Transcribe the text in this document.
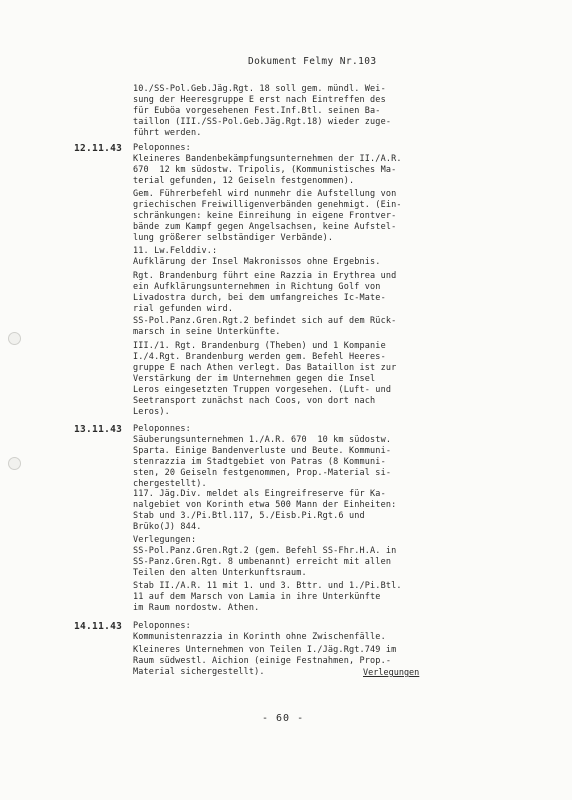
Dokument Felmy Nr.103
10./SS-Pol.Geb.Jäg.Rgt. 18 soll gem. mündl. Wei-
sung der Heeresgruppe E erst nach Eintreffen des
für Euböa vorgesehenen Fest.Inf.Btl. seinen Ba-
taillon (III./SS-Pol.Geb.Jäg.Rgt.18) wieder zuge-
führt werden.
12.11.43 Peloponnes:
Kleineres Bandenbekämpfungsunternehmen der II./A.R.
670  12 km südostw. Tripolis, (Kommunistisches Ma-
terial gefunden, 12 Geiseln festgenommen).
Gem. Führerbefehl wird nunmehr die Aufstellung von
griechischen Freiwilligenverbänden genehmigt. (Ein-
schränkungen: keine Einreihung in eigene Frontver-
bände zum Kampf gegen Angelsachsen, keine Aufstel-
lung größerer selbständiger Verbände).
11. Lw.Felddiv.:
Aufklärung der Insel Makronissos ohne Ergebnis.
Rgt. Brandenburg führt eine Razzia in Erythrea und
ein Aufklärungsunternehmen in Richtung Golf von
Livadostra durch, bei dem umfangreiches Ic-Mate-
rial gefunden wird.
SS-Pol.Panz.Gren.Rgt.2 befindet sich auf dem Rück-
marsch in seine Unterkünfte.
III./1. Rgt. Brandenburg (Theben) und 1 Kompanie
I./4.Rgt. Brandenburg werden gem. Befehl Heeres-
gruppe E nach Athen verlegt. Das Bataillon ist zur
Verstärkung der im Unternehmen gegen die Insel
Leros eingesetzten Truppen vorgesehen. (Luft- und
Seetransport zunächst nach Coos, von dort nach
Leros).
13.11.43 Peloponnes:
Säuberungsunternehmen 1./A.R. 670  10 km südostw.
Sparta. Einige Bandenverluste und Beute. Kommuni-
stenrazzia im Stadtgebiet von Patras (8 Kommuni-
sten, 20 Geiseln festgenommen, Prop.-Material si-
chergestellt).
117. Jäg.Div. meldet als Eingreifreserve für Ka-
nalgebiet von Korinth etwa 500 Mann der Einheiten:
Stab und 3./Pi.Btl.117, 5./Eisb.Pi.Rgt.6 und
Brüko(J) 844.
Verlegungen:
SS-Pol.Panz.Gren.Rgt.2 (gem. Befehl SS-Fhr.H.A. in
SS-Panz.Gren.Rgt. 8 umbenannt) erreicht mit allen
Teilen den alten Unterkunftsraum.
Stab II./A.R. 11 mit 1. und 3. Bttr. und 1./Pi.Btl.
11 auf dem Marsch von Lamia in ihre Unterkünfte
im Raum nordostw. Athen.
14.11.43 Peloponnes:
Kommunistenrazzia in Korinth ohne Zwischenfälle.
Kleineres Unternehmen von Teilen I./Jäg.Rgt.749 im
Raum südwestl. Aichion (einige Festnahmen, Prop.-
Material sichergestellt).	Verlegungen
- 60 -
